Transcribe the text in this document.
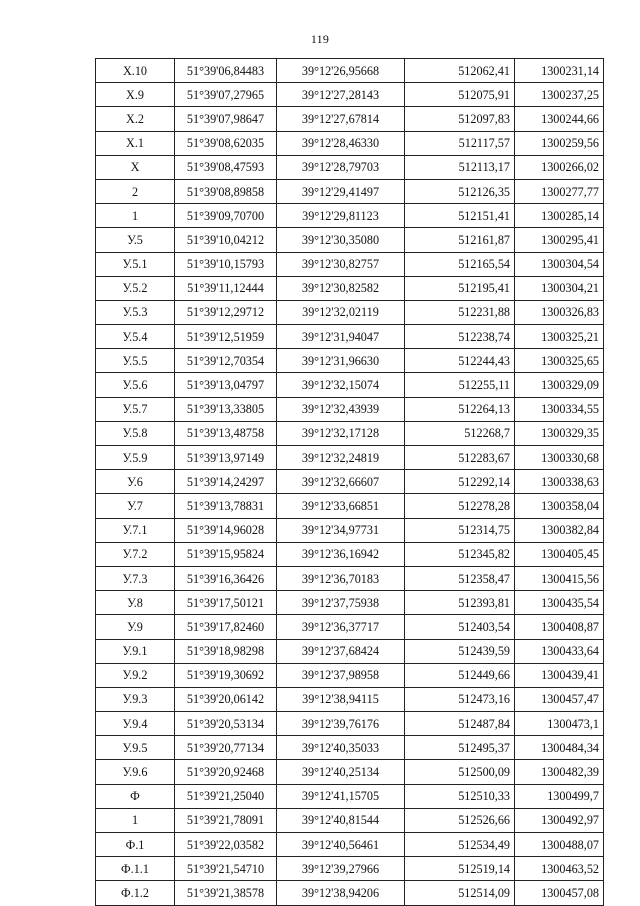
119
Х.10	51°39'06,84483	39°12'26,95668	512062,41	1300231,14
Х.9	51°39'07,27965	39°12'27,28143	512075,91	1300237,25
Х.2	51°39'07,98647	39°12'27,67814	512097,83	1300244,66
Х.1	51°39'08,62035	39°12'28,46330	512117,57	1300259,56
Х	51°39'08,47593	39°12'28,79703	512113,17	1300266,02
2	51°39'08,89858	39°12'29,41497	512126,35	1300277,77
1	51°39'09,70700	39°12'29,81123	512151,41	1300285,14
У.5	51°39'10,04212	39°12'30,35080	512161,87	1300295,41
У.5.1	51°39'10,15793	39°12'30,82757	512165,54	1300304,54
У.5.2	51°39'11,12444	39°12'30,82582	512195,41	1300304,21
У.5.3	51°39'12,29712	39°12'32,02119	512231,88	1300326,83
У.5.4	51°39'12,51959	39°12'31,94047	512238,74	1300325,21
У.5.5	51°39'12,70354	39°12'31,96630	512244,43	1300325,65
У.5.6	51°39'13,04797	39°12'32,15074	512255,11	1300329,09
У.5.7	51°39'13,33805	39°12'32,43939	512264,13	1300334,55
У.5.8	51°39'13,48758	39°12'32,17128	512268,7	1300329,35
У.5.9	51°39'13,97149	39°12'32,24819	512283,67	1300330,68
У.6	51°39'14,24297	39°12'32,66607	512292,14	1300338,63
У.7	51°39'13,78831	39°12'33,66851	512278,28	1300358,04
У.7.1	51°39'14,96028	39°12'34,97731	512314,75	1300382,84
У.7.2	51°39'15,95824	39°12'36,16942	512345,82	1300405,45
У.7.3	51°39'16,36426	39°12'36,70183	512358,47	1300415,56
У.8	51°39'17,50121	39°12'37,75938	512393,81	1300435,54
У.9	51°39'17,82460	39°12'36,37717	512403,54	1300408,87
У.9.1	51°39'18,98298	39°12'37,68424	512439,59	1300433,64
У.9.2	51°39'19,30692	39°12'37,98958	512449,66	1300439,41
У.9.3	51°39'20,06142	39°12'38,94115	512473,16	1300457,47
У.9.4	51°39'20,53134	39°12'39,76176	512487,84	1300473,1
У.9.5	51°39'20,77134	39°12'40,35033	512495,37	1300484,34
У.9.6	51°39'20,92468	39°12'40,25134	512500,09	1300482,39
Ф	51°39'21,25040	39°12'41,15705	512510,33	1300499,7
1	51°39'21,78091	39°12'40,81544	512526,66	1300492,97
Ф.1	51°39'22,03582	39°12'40,56461	512534,49	1300488,07
Ф.1.1	51°39'21,54710	39°12'39,27966	512519,14	1300463,52
Ф.1.2	51°39'21,38578	39°12'38,94206	512514,09	1300457,08
